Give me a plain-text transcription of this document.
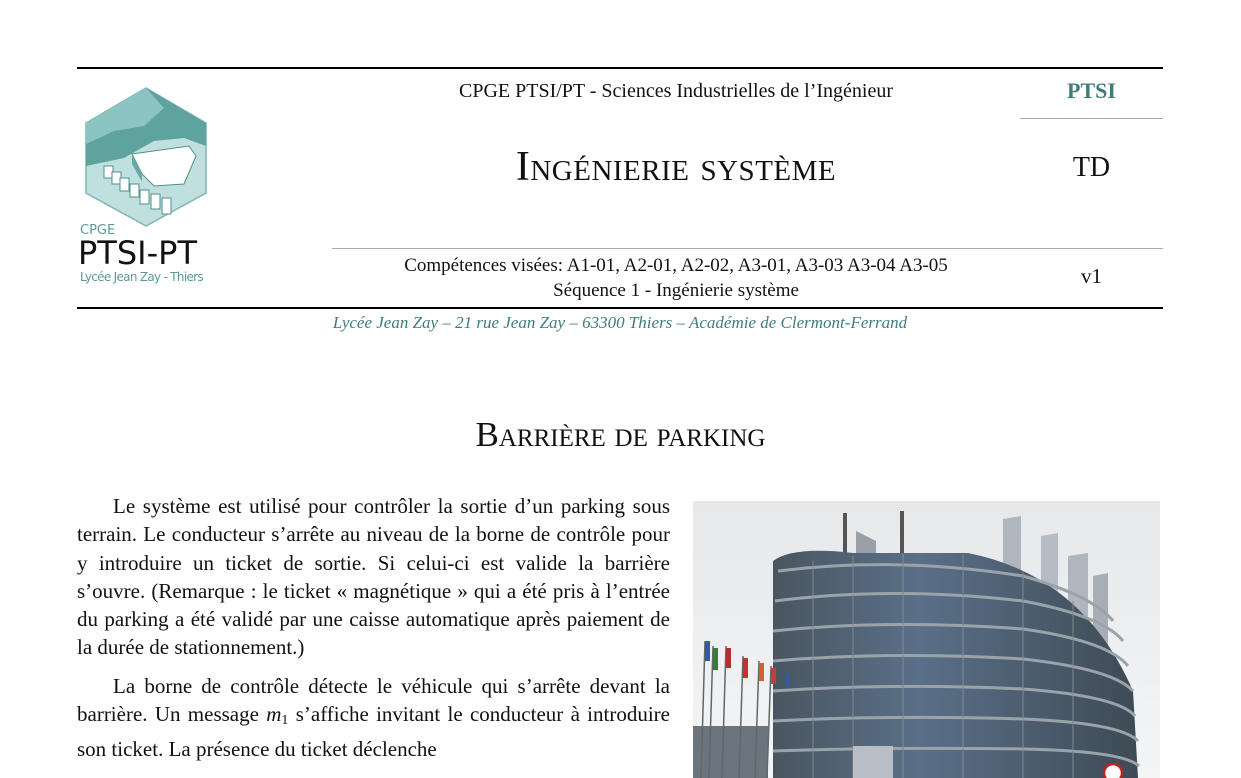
CPGE
PTSI-PT
Lycée Jean Zay - Thiers
CPGE PTSI/PT - Sciences Industrielles de l’Ingénieur	PTSI
Ingénierie système	TD
Compétences visées: A1-01, A2-01, A2-02, A3-01, A3-03 A3-04 A3-05
Séquence 1 - Ingénierie système
v1
Lycée Jean Zay – 21 rue Jean Zay – 63300 Thiers – Académie de Clermont-Ferrand
Barrière de parking

Le système est utilisé pour contrôler la sortie d’un parking sous terrain. Le conducteur s’arrête au niveau de la borne de contrôle pour y introduire un ticket de sortie. Si celui-ci est valide la barrière s’ouvre. (Remarque : le ticket « magnétique » qui a été pris à l’entrée du parking a été validé par une caisse automatique après paiement de la durée de stationnement.)

La borne de contrôle détecte le véhicule qui s’arrête devant la barrière. Un message $m_1$ s’affiche invitant le conducteur à introduire son ticket. La présence du ticket déclenche
